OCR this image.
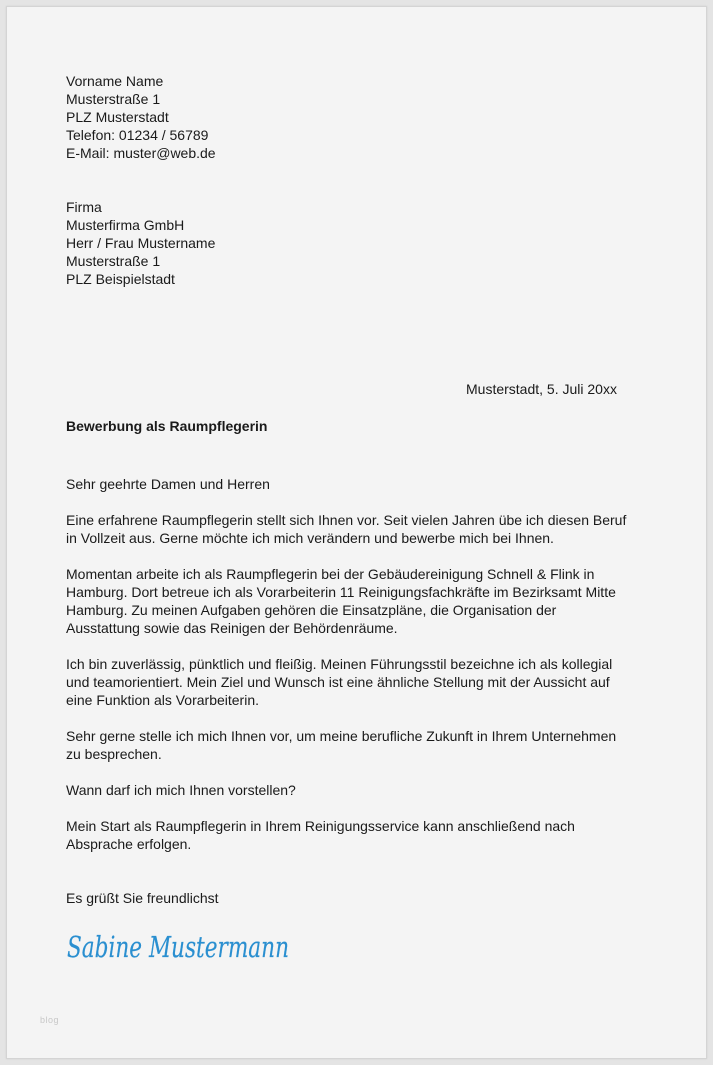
Vorname Name
Musterstraße 1
PLZ Musterstadt
Telefon: 01234 / 56789
E-Mail: muster@web.de
Firma
Musterfirma GmbH
Herr / Frau Mustername
Musterstraße 1
PLZ Beispielstadt
Musterstadt, 5. Juli 20xx
Bewerbung als Raumpflegerin
Sehr geehrte Damen und Herren
Eine erfahrene Raumpflegerin stellt sich Ihnen vor. Seit vielen Jahren übe ich diesen Beruf
in Vollzeit aus. Gerne möchte ich mich verändern und bewerbe mich bei Ihnen.
Momentan arbeite ich als Raumpflegerin bei der Gebäudereinigung Schnell & Flink in
Hamburg. Dort betreue ich als Vorarbeiterin 11 Reinigungsfachkräfte im Bezirksamt Mitte
Hamburg. Zu meinen Aufgaben gehören die Einsatzpläne, die Organisation der
Ausstattung sowie das Reinigen der Behördenräume.
Ich bin zuverlässig, pünktlich und fleißig. Meinen Führungsstil bezeichne ich als kollegial
und teamorientiert. Mein Ziel und Wunsch ist eine ähnliche Stellung mit der Aussicht auf
eine Funktion als Vorarbeiterin.
Sehr gerne stelle ich mich Ihnen vor, um meine berufliche Zukunft in Ihrem Unternehmen
zu besprechen.
Wann darf ich mich Ihnen vorstellen?
Mein Start als Raumpflegerin in Ihrem Reinigungsservice kann anschließend nach
Absprache erfolgen.
Es grüßt Sie freundlichst
Sabine Mustermann
blog
